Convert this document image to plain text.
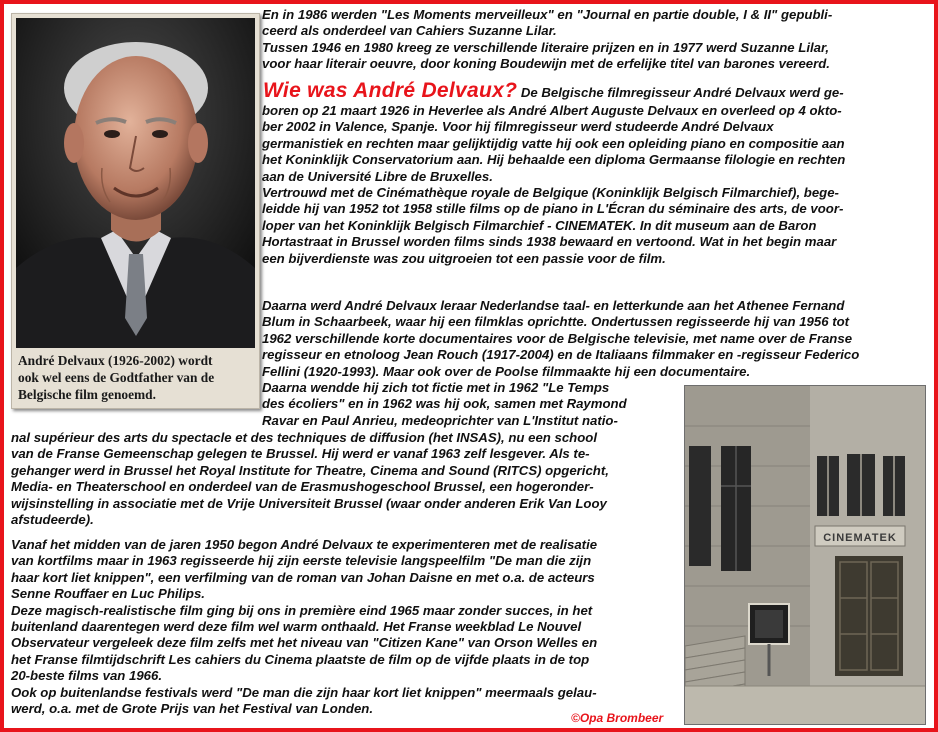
André Delvaux (1926-2002) wordt
ook wel eens de Godtfather van de
Belgische film genoemd.
En in 1986 werden "Les Moments merveilleux" en "Journal en partie double, I & II" gepubli-
ceerd als onderdeel van Cahiers Suzanne Lilar.
Tussen 1946 en 1980 kreeg ze verschillende literaire prijzen en in 1977 werd Suzanne Lilar,
voor haar literair oeuvre, door koning Boudewijn met de erfelijke titel van barones vereerd.
Wie was André Delvaux? De Belgische filmregisseur André Delvaux werd ge-
boren op 21 maart 1926 in Heverlee als André Albert Auguste Delvaux en overleed op 4 okto-
ber 2002 in Valence, Spanje. Voor hij filmregisseur werd studeerde André Delvaux
germanistiek en rechten maar gelijktijdig vatte hij ook een opleiding piano en compositie aan
het Koninklijk Conservatorium aan. Hij behaalde een diploma Germaanse filologie en rechten
aan de Université Libre de Bruxelles.
Vertrouwd met de Cinémathèque royale de Belgique (Koninklijk Belgisch Filmarchief), bege-
leidde hij van 1952 tot 1958 stille films op de piano in L'Écran du séminaire des arts, de voor-
loper van het Koninklijk Belgisch Filmarchief - CINEMATEK. In dit museum aan de Baron
Hortastraat in Brussel worden films sinds 1938 bewaard en vertoond. Wat in het begin maar
een bijverdienste was zou uitgroeien tot een passie voor de film.
Daarna werd André Delvaux leraar Nederlandse taal- en letterkunde aan het Athenee Fernand
Blum in Schaarbeek, waar hij een filmklas oprichtte. Ondertussen regisseerde hij van 1956 tot
1962 verschillende korte documentaires voor de Belgische televisie, met name over de Franse
regisseur en etnoloog Jean Rouch (1917-2004) en de Italiaans filmmaker en -regisseur Federico
Fellini (1920-1993). Maar ook over de Poolse filmmaakte hij een documentaire.
Daarna wendde hij zich tot fictie met in 1962 "Le Temps
des écoliers" en in 1962 was hij ook, samen met Raymond
Ravar en Paul Anrieu, medeoprichter van L'Institut natio-
nal supérieur des arts du spectacle et des techniques de diffusion (het INSAS), nu een school
van de Franse Gemeenschap gelegen te Brussel. Hij werd er vanaf 1963 zelf lesgever. Als te-
gehanger werd in Brussel het Royal Institute for Theatre, Cinema and Sound (RITCS) opgericht,
Media- en Theaterschool en onderdeel van de Erasmushogeschool Brussel, een hogeronder-
wijsinstelling in associatie met de Vrije Universiteit Brussel (waar onder anderen Erik Van Looy
afstudeerde).
Vanaf het midden van de jaren 1950 begon André Delvaux te experimenteren met de realisatie
van kortfilms maar in 1963 regisseerde hij zijn eerste televisie langspeelfilm "De man die zijn
haar kort liet knippen", een verfilming van de roman van Johan Daisne en met o.a. de acteurs
Senne Rouffaer en Luc Philips.
Deze magisch-realistische film ging bij ons in première eind 1965 maar zonder succes, in het
buitenland daarentegen werd deze film wel warm onthaald. Het Franse weekblad Le Nouvel
Observateur vergeleek deze film zelfs met het niveau van "Citizen Kane" van Orson Welles en
het Franse filmtijdschrift Les cahiers du Cinema plaatste de film op de vijfde plaats in de top
20-beste films van 1966.
Ook op buitenlandse festivals werd "De man die zijn haar kort liet knippen" meermaals gelau-
werd, o.a. met de Grote Prijs van het Festival van Londen.
CINEMATEK
©Opa Brombeer
